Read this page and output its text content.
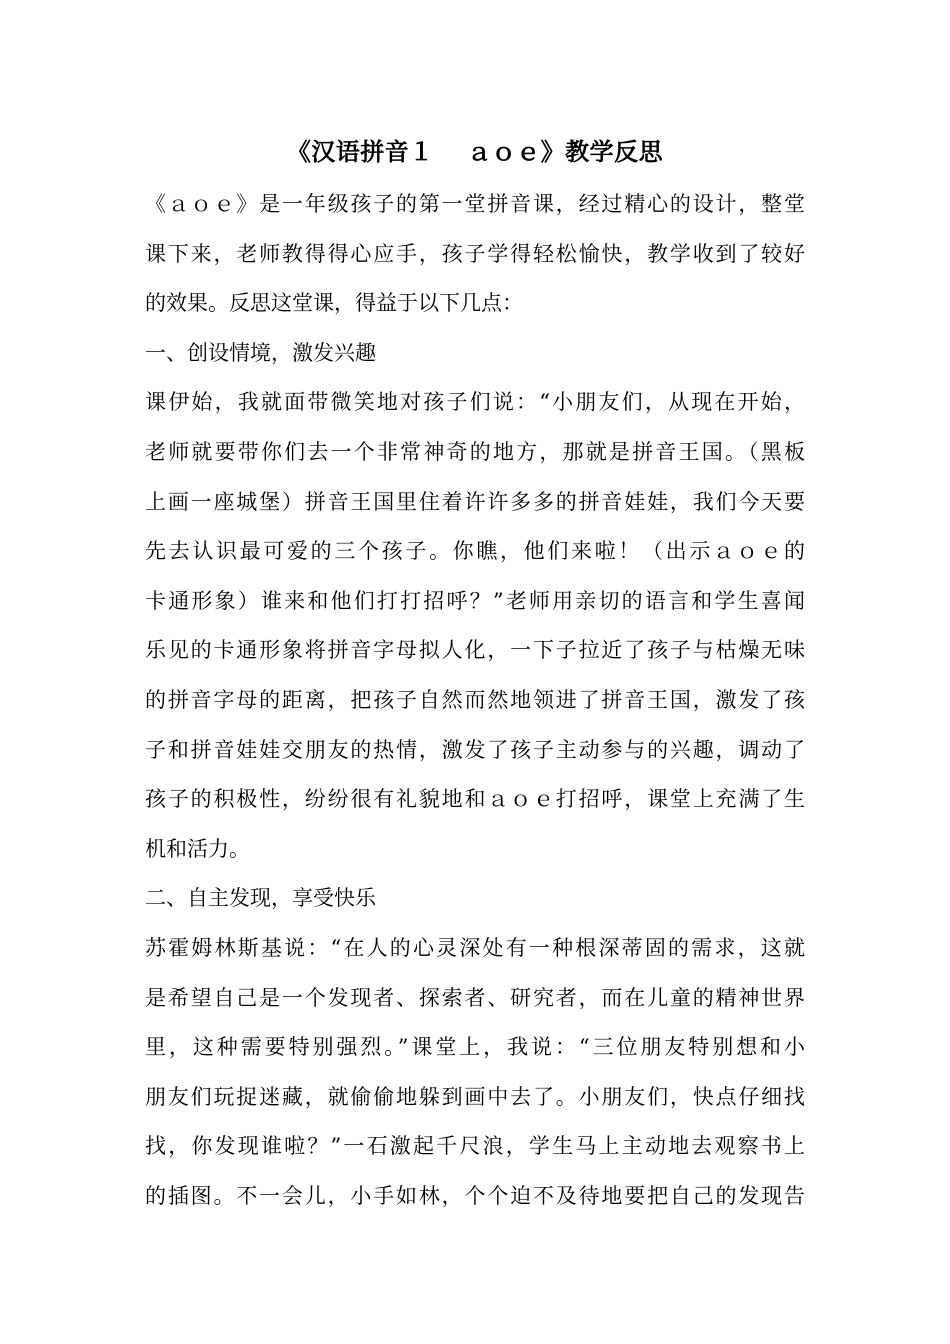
《汉语拼音１　 ａｏｅ》教学反思
《ａｏｅ》是一年级孩子的第一堂拼音课，经过精心的设计，整堂
课下来，老师教得得心应手，孩子学得轻松愉快，教学收到了较好
的效果。反思这堂课，得益于以下几点：
一、创设情境，激发兴趣
课伊始，我就面带微笑地对孩子们说：“小朋友们，从现在开始，
老师就要带你们去一个非常神奇的地方，那就是拼音王国。（黑板
上画一座城堡）拼音王国里住着许许多多的拼音娃娃，我们今天要
先去认识最可爱的三个孩子。你瞧，他们来啦！（出示ａｏｅ的
卡通形象）谁来和他们打打招呼？”老师用亲切的语言和学生喜闻
乐见的卡通形象将拼音字母拟人化，一下子拉近了孩子与枯燥无味
的拼音字母的距离，把孩子自然而然地领进了拼音王国，激发了孩
子和拼音娃娃交朋友的热情，激发了孩子主动参与的兴趣，调动了
孩子的积极性，纷纷很有礼貌地和ａｏｅ打招呼，课堂上充满了生
机和活力。
二、自主发现，享受快乐
苏霍姆林斯基说：“在人的心灵深处有一种根深蒂固的需求，这就
是希望自己是一个发现者、探索者、研究者，而在儿童的精神世界
里，这种需要特别强烈。”课堂上，我说：“三位朋友特别想和小
朋友们玩捉迷藏，就偷偷地躲到画中去了。小朋友们，快点仔细找
找，你发现谁啦？”一石激起千尺浪，学生马上主动地去观察书上
的插图。不一会儿，小手如林，个个迫不及待地要把自己的发现告
